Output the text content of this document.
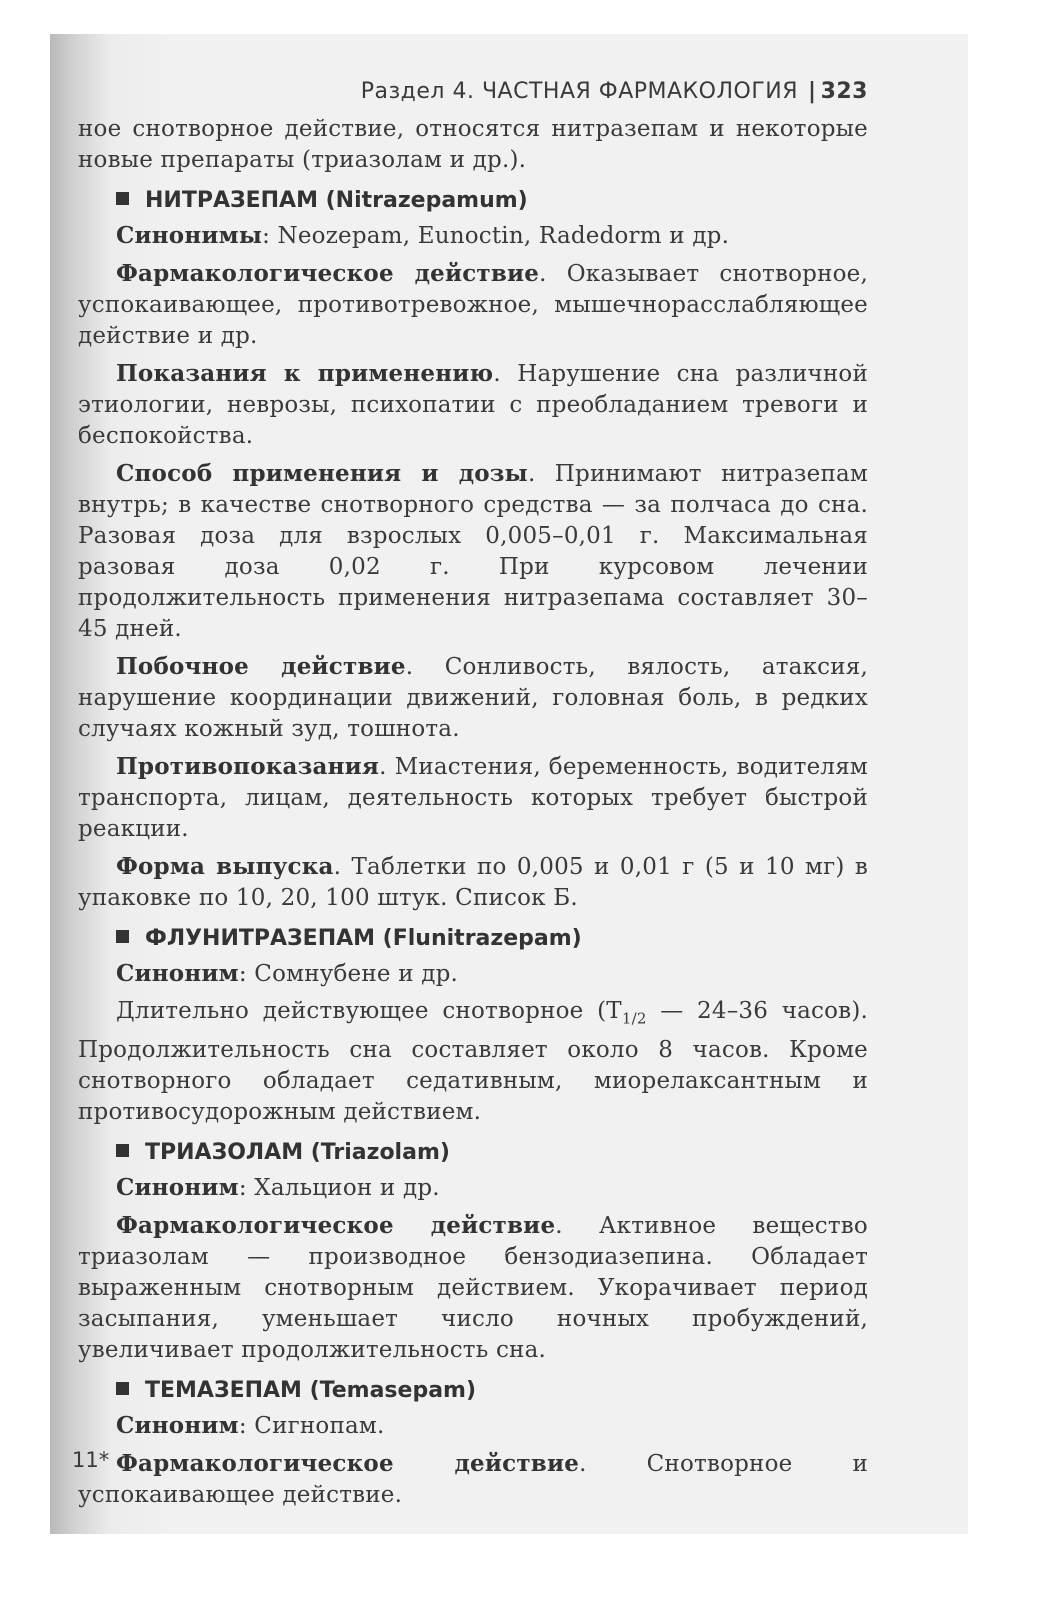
Раздел 4. ЧАСТНАЯ ФАРМАКОЛОГИЯ | 323

ное снотворное действие, относятся нитразепам и некоторые новые препараты (триазолам и др.).

НИТРАЗЕПАМ (Nitrazepamum)

Синонимы: Neozepam, Eunoctin, Radedorm и др.

Фармакологическое действие. Оказывает снотворное, успокаивающее, противотревожное, мышечнорасслабляющее действие и др.

Показания к применению. Нарушение сна различной этиологии, неврозы, психопатии с преобладанием тревоги и беспокойства.

Способ применения и дозы. Принимают нитразепам внутрь; в качестве снотворного средства — за полчаса до сна. Разовая доза для взрослых 0,005–0,01 г. Максимальная разовая доза 0,02 г. При курсовом лечении продолжительность применения нитразепама составляет 30–45 дней.

Побочное действие. Сонливость, вялость, атаксия, нарушение координации движений, головная боль, в редких случаях кожный зуд, тошнота.

Противопоказания. Миастения, беременность, водителям транспорта, лицам, деятельность которых требует быстрой реакции.

Форма выпуска. Таблетки по 0,005 и 0,01 г (5 и 10 мг) в упаковке по 10, 20, 100 штук. Список Б.

ФЛУНИТРАЗЕПАМ (Flunitrazepam)

Синоним: Сомнубене и др.

Длительно действующее снотворное ($T_{1/2}$ — 24–36 часов). Продолжительность сна составляет около 8 часов. Кроме снотворного обладает седативным, миорелаксантным и противосудорожным действием.

ТРИАЗОЛАМ (Triazolam)

Синоним: Хальцион и др.

Фармакологическое действие. Активное вещество триазолам — производное бензодиазепина. Обладает выраженным снотворным действием. Укорачивает период засыпания, уменьшает число ночных пробуждений, увеличивает продолжительность сна.

ТЕМАЗЕПАМ (Temasepam)

Синоним: Сигнопам.

Фармакологическое действие. Снотворное и успокаивающее действие.

11*
